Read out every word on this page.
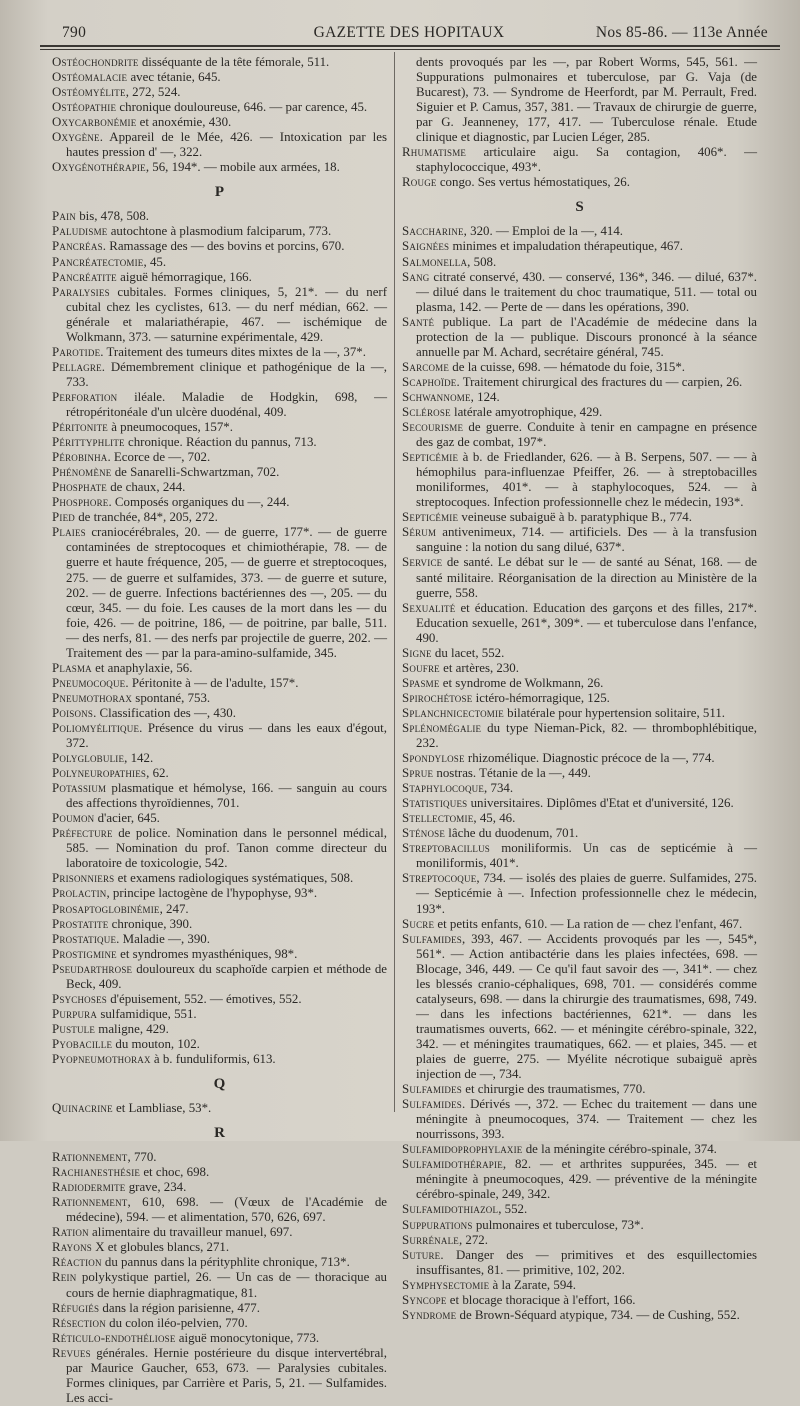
790	GAZETTE DES HOPITAUX	Nos 85-86. — 113e Année
Ostéochondrite disséquante de la tête fémorale, 511.
Ostéomalacie avec tétanie, 645.
Ostéomyélite, 272, 524.
Ostéopathie chronique douloureuse, 646. — par carence, 45.
Oxycarbonémie et anoxémie, 430.
Oxygène. Appareil de le Mée, 426. — Intoxication par les hautes pression d' —, 322.
Oxygénothérapie, 56, 194*. — mobile aux armées, 18.
P
Pain bis, 478, 508.
Paludisme autochtone à plasmodium falciparum, 773.
Pancréas. Ramassage des — des bovins et porcins, 670.
Pancréatectomie, 45.
Pancréatite aiguë hémorragique, 166.
Paralysies cubitales. Formes cliniques, 5, 21*. — du nerf cubital chez les cyclistes, 613. — du nerf médian, 662. — générale et malariathérapie, 467. — ischémique de Wolkmann, 373. — saturnine expérimentale, 429.
Parotide. Traitement des tumeurs dites mixtes de la —, 37*.
Pellagre. Démembrement clinique et pathogénique de la —, 733.
Perforation iléale. Maladie de Hodgkin, 698, — rétropéritonéale d'un ulcère duodénal, 409.
Péritonite à pneumocoques, 157*.
Périttyphlite chronique. Réaction du pannus, 713.
Pérobinha. Ecorce de —, 702.
Phénomène de Sanarelli-Schwartzman, 702.
Phosphate de chaux, 244.
Phosphore. Composés organiques du —, 244.
Pied de tranchée, 84*, 205, 272.
Plaies craniocérébrales, 20. — de guerre, 177*. — de guerre contaminées de streptocoques et chimiothérapie, 78. — de guerre et haute fréquence, 205, — de guerre et streptocoques, 275. — de guerre et sulfamides, 373. — de guerre et suture, 202. — de guerre. Infections bactériennes des —, 205. — du cœur, 345. — du foie. Les causes de la mort dans les — du foie, 426. — de poitrine, 186, — de poitrine, par balle, 511. — des nerfs, 81. — des nerfs par projectile de guerre, 202. — Traitement des — par la para-amino-sulfamide, 345.
Plasma et anaphylaxie, 56.
Pneumocoque. Péritonite à — de l'adulte, 157*.
Pneumothorax spontané, 753.
Poisons. Classification des —, 430.
Poliomyélitique. Présence du virus — dans les eaux d'égout, 372.
Polyglobulie, 142.
Polyneuropathies, 62.
Potassium plasmatique et hémolyse, 166. — sanguin au cours des affections thyroïdiennes, 701.
Poumon d'acier, 645.
Préfecture de police. Nomination dans le personnel médical, 585. — Nomination du prof. Tanon comme directeur du laboratoire de toxicologie, 542.
Prisonniers et examens radiologiques systématiques, 508.
Prolactin, principe lactogène de l'hypophyse, 93*.
Prosaptoglobinémie, 247.
Prostatite chronique, 390.
Prostatique. Maladie —, 390.
Prostigmine et syndromes myasthéniques, 98*.
Pseudarthrose douloureux du scaphoïde carpien et méthode de Beck, 409.
Psychoses d'épuisement, 552. — émotives, 552.
Purpura sulfamidique, 551.
Pustule maligne, 429.
Pyobacille du mouton, 102.
Pyopneumothorax à b. funduliformis, 613.
Q
Quinacrine et Lambliase, 53*.
R
Rationnement, 770.
Rachianesthésie et choc, 698.
Radiodermite grave, 234.
Rationnement, 610, 698. — (Vœux de l'Académie de médecine), 594. — et alimentation, 570, 626, 697.
Ration alimentaire du travailleur manuel, 697.
Rayons X et globules blancs, 271.
Réaction du pannus dans la pérityphlite chronique, 713*.
Rein polykystique partiel, 26. — Un cas de — thoracique au cours de hernie diaphragmatique, 81.
Réfugiés dans la région parisienne, 477.
Résection du colon iléo-pelvien, 770.
Réticulo-endothéliose aiguë monocytonique, 773.
Revues générales. Hernie postérieure du disque intervertébral, par Maurice Gaucher, 653, 673. — Paralysies cubitales. Formes cliniques, par Carrière et Paris, 5, 21. — Sulfamides. Les acci-
dents provoqués par les —, par Robert Worms, 545, 561. — Suppurations pulmonaires et tuberculose, par G. Vaja (de Bucarest), 73. — Syndrome de Heerfordt, par M. Perrault, Fred. Siguier et P. Camus, 357, 381. — Travaux de chirurgie de guerre, par G. Jeanneney, 177, 417. — Tuberculose rénale. Etude clinique et diagnostic, par Lucien Léger, 285.
Rhumatisme articulaire aigu. Sa contagion, 406*. — staphylococcique, 493*.
Rouge congo. Ses vertus hémostatiques, 26.
S
Saccharine, 320. — Emploi de la —, 414.
Saignées minimes et impaludation thérapeutique, 467.
Salmonella, 508.
Sang citraté conservé, 430. — conservé, 136*, 346. — dilué, 637*. — dilué dans le traitement du choc traumatique, 511. — total ou plasma, 142. — Perte de — dans les opérations, 390.
Santé publique. La part de l'Académie de médecine dans la protection de la — publique. Discours prononcé à la séance annuelle par M. Achard, secrétaire général, 745.
Sarcome de la cuisse, 698. — hématode du foie, 315*.
Scaphoïde. Traitement chirurgical des fractures du — carpien, 26.
Schwannome, 124.
Sclérose latérale amyotrophique, 429.
Secourisme de guerre. Conduite à tenir en campagne en présence des gaz de combat, 197*.
Septicémie à b. de Friedlander, 626. — à B. Serpens, 507. — — à hémophilus para-influenzae Pfeiffer, 26. — à streptobacilles moniliformes, 401*. — à staphylocoques, 524. — à streptocoques. Infection professionnelle chez le médecin, 193*.
Septicémie veineuse subaiguë à b. paratyphique B., 774.
Sérum antivenimeux, 714. — artificiels. Des — à la transfusion sanguine : la notion du sang dilué, 637*.
Service de santé. Le débat sur le — de santé au Sénat, 168. — de santé militaire. Réorganisation de la direction au Ministère de la guerre, 558.
Sexualité et éducation. Education des garçons et des filles, 217*. Education sexuelle, 261*, 309*. — et tuberculose dans l'enfance, 490.
Signe du lacet, 552.
Soufre et artères, 230.
Spasme et syndrome de Wolkmann, 26.
Spirochétose ictéro-hémorragique, 125.
Splanchnicectomie bilatérale pour hypertension solitaire, 511.
Splénomégalie du type Nieman-Pick, 82. — thrombophlébitique, 232.
Spondylose rhizomélique. Diagnostic précoce de la —, 774.
Sprue nostras. Tétanie de la —, 449.
Staphylocoque, 734.
Statistiques universitaires. Diplômes d'Etat et d'université, 126.
Stellectomie, 45, 46.
Sténose lâche du duodenum, 701.
Streptobacillus moniliformis. Un cas de septicémie à — moniliformis, 401*.
Streptocoque, 734. — isolés des plaies de guerre. Sulfamides, 275. — Septicémie à —. Infection professionnelle chez le médecin, 193*.
Sucre et petits enfants, 610. — La ration de — chez l'enfant, 467.
Sulfamides, 393, 467. — Accidents provoqués par les —, 545*, 561*. — Action antibactérie dans les plaies infectées, 698. — Blocage, 346, 449. — Ce qu'il faut savoir des —, 341*. — chez les blessés cranio-céphaliques, 698, 701. — considérés comme catalyseurs, 698. — dans la chirurgie des traumatismes, 698, 749. — dans les infections bactériennes, 621*. — dans les traumatismes ouverts, 662. — et méningite cérébro-spinale, 322, 342. — et méningites traumatiques, 662. — et plaies, 345. — et plaies de guerre, 275. — Myélite nécrotique subaiguë après injection de —, 734.
Sulfamides et chirurgie des traumatismes, 770.
Sulfamides. Dérivés —, 372. — Echec du traitement — dans une méningite à pneumocoques, 374. — Traitement — chez les nourrissons, 393.
Sulfamidoprophylaxie de la méningite cérébro-spinale, 374.
Sulfamidothérapie, 82. — et arthrites suppurées, 345. — et méningite à pneumocoques, 429. — préventive de la méningite cérébro-spinale, 249, 342.
Sulfamidothiazol, 552.
Suppurations pulmonaires et tuberculose, 73*.
Surrénale, 272.
Suture. Danger des — primitives et des esquillectomies insuffisantes, 81. — primitive, 102, 202.
Symphysectomie à la Zarate, 594.
Syncope et blocage thoracique à l'effort, 166.
Syndrome de Brown-Séquard atypique, 734. — de Cushing, 552.
